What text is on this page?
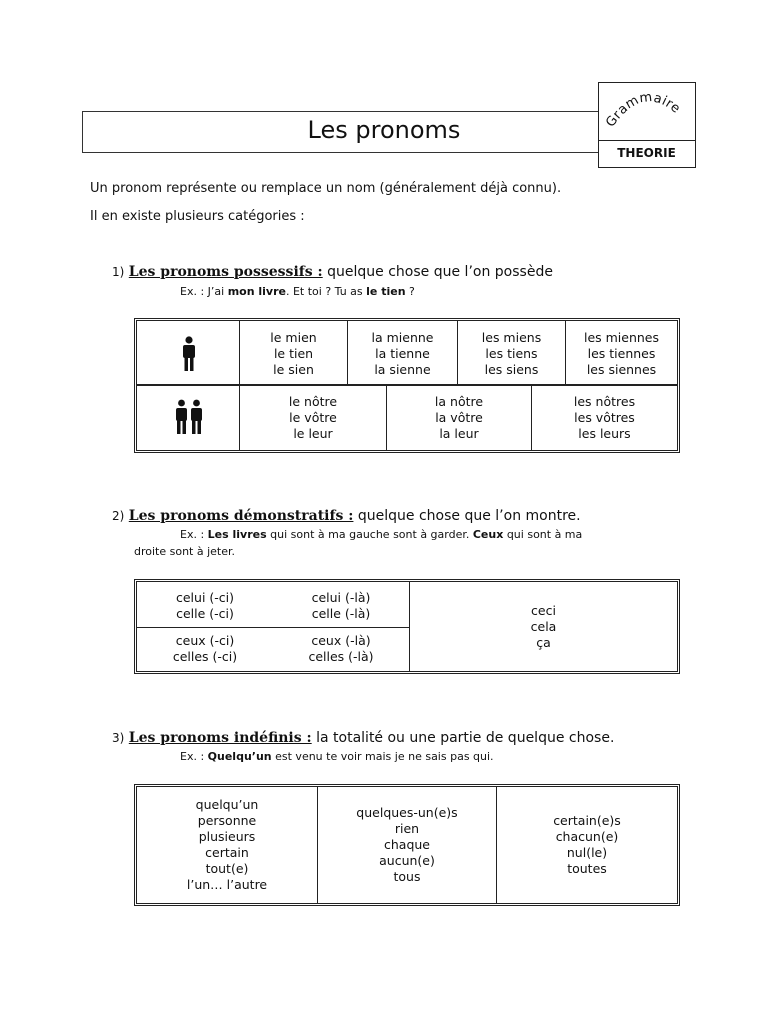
Les pronoms	Grammaire
THEORIE
Un pronom représente ou remplace un nom (généralement déjà connu).
Il en existe plusieurs catégories :
1) Les pronoms possessifs : quelque chose que l’on possède
Ex. : J’ai mon livre. Et toi ? Tu as le tien ?
le mien
le tien
le sien
la mienne
la tienne
la sienne
les miens
les tiens
les siens
les miennes
les tiennes
les siennes
le nôtre
le vôtre
le leur
la nôtre
la vôtre
la leur
les nôtres
les vôtres
les leurs
2) Les pronoms démonstratifs : quelque chose que l’on montre.
Ex. : Les livres qui sont à ma gauche sont à garder. Ceux qui sont à ma
droite sont à jeter.
celui (-ci)
celle (-ci)
celui (-là)
celle (-là)
ceux (-ci)
celles (-ci)
ceux (-là)
celles (-là)
ceci
cela
ça
3) Les pronoms indéfinis : la totalité ou une partie de quelque chose.
Ex. : Quelqu’un est venu te voir mais je ne sais pas qui.
quelqu’un
personne
plusieurs
certain
tout(e)
l’un… l’autre
quelques-un(e)s
rien
chaque
aucun(e)
tous
certain(e)s
chacun(e)
nul(le)
toutes
